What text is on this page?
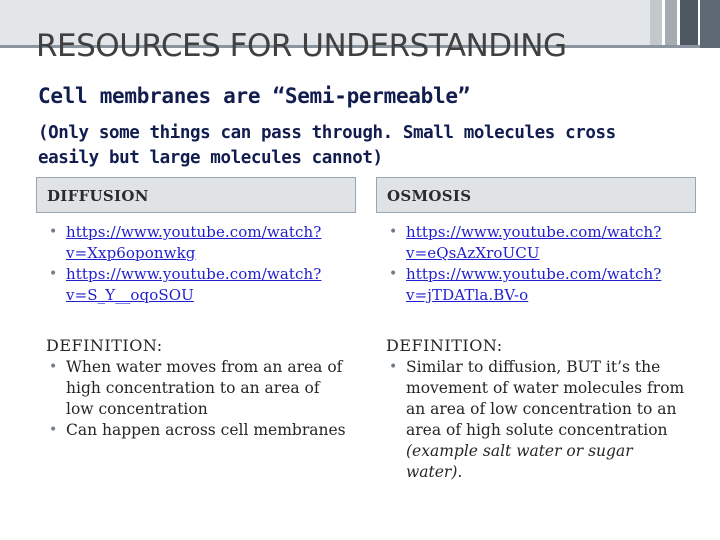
RESOURCES FOR UNDERSTANDING

Cell membranes are “Semi-permeable”

(Only some things can pass through. Small molecules cross easily but large molecules cannot)

DIFFUSION	OSMOSIS
• https://www.youtube.com/watch?v=Xxp6oponwkg
• https://www.youtube.com/watch?v=S_Y__oqoSOU
• https://www.youtube.com/watch?v=eQsAzXroUCU
• https://www.youtube.com/watch?v=jTDATla.BV-o
DEFINITION:
• When water moves from an area of high concentration to an area of low concentration
• Can happen across cell membranes
DEFINITION:
• Similar to diffusion, BUT it’s the movement of water molecules from an area of low concentration to an area of high solute concentration (example salt water or sugar water).
